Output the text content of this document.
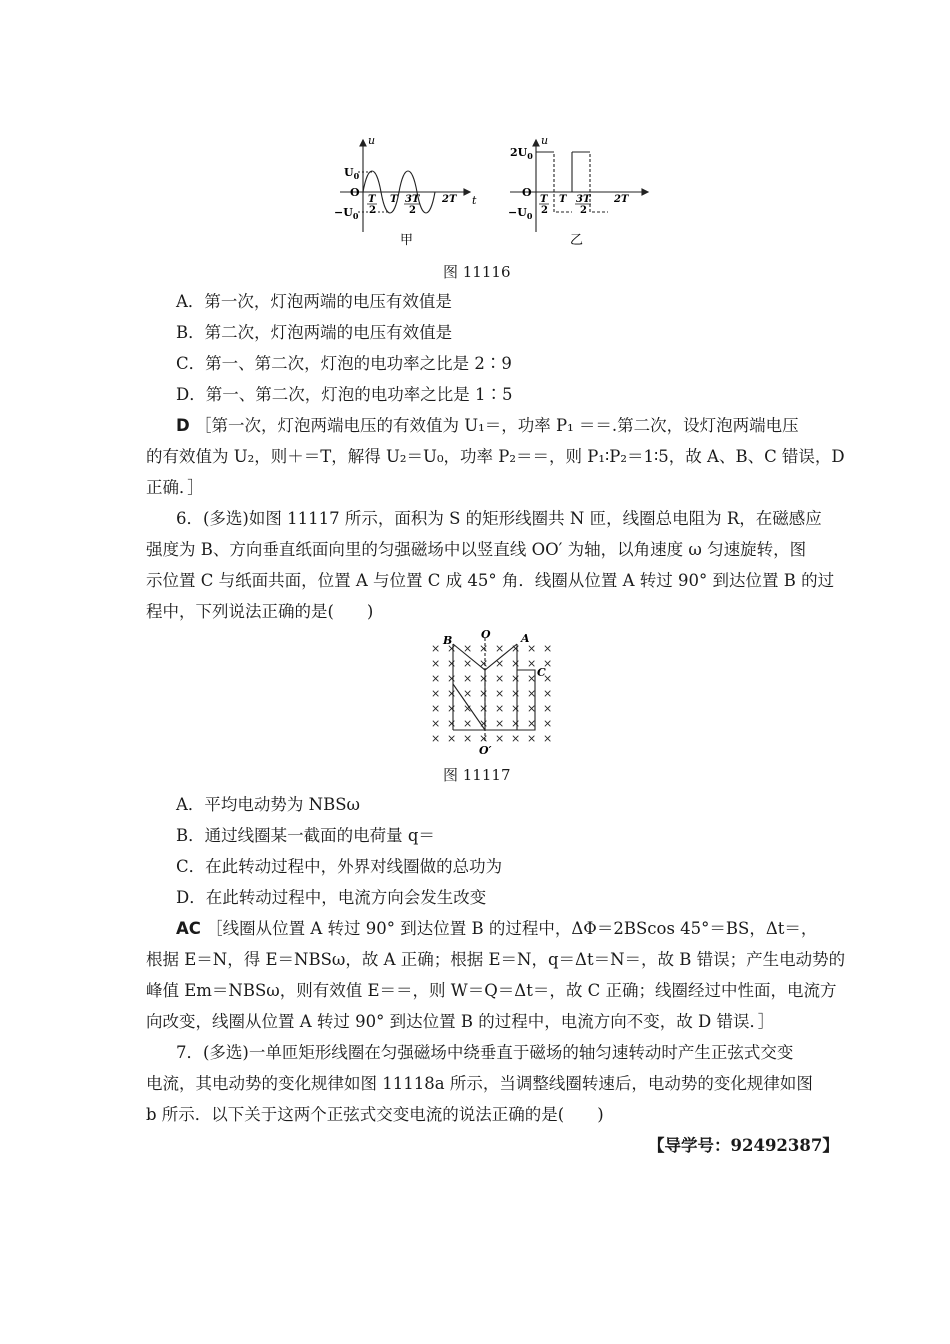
u
t
$U_0$
O
$-U_0$
T
2
T 3T
2
2T
甲
u
$2U_0$
O
$-U_0$
T
2
T 3T
2
2T
乙
图 11116
A．第一次，灯泡两端的电压有效值是
B．第二次，灯泡两端的电压有效值是
C．第一、第二次，灯泡的电功率之比是 2∶9
D．第一、第二次，灯泡的电功率之比是 1∶5
D ［第一次，灯泡两端电压的有效值为 U₁＝，功率 P₁ ＝＝.第二次，设灯泡两端电压
的有效值为 U₂，则＋＝T，解得 U₂＝U₀，功率 P₂＝＝，则 P₁∶P₂＝1∶5，故 A、B、C 错误，D
正确．］
6．(多选)如图 11117 所示，面积为 S 的矩形线圈共 N 匝，线圈总电阻为 R，在磁感应
强度为 B、方向垂直纸面向里的匀强磁场中以竖直线 OO′ 为轴，以角速度 ω 匀速旋转，图
示位置 C 与纸面共面，位置 A 与位置 C 成 45° 角．线圈从位置 A 转过 90° 到达位置 B 的过
程中，下列说法正确的是(　　)
× × × × × × × ×
× × × × × × × ×
× × × × × × × ×
× × × × × × × ×
× × × × × × × ×
× × × × × × × ×
× × × × × × × ×
B	O	A
C
O′
图 11117
A．平均电动势为 NBSω
B．通过线圈某一截面的电荷量 q＝
C．在此转动过程中，外界对线圈做的总功为
D．在此转动过程中，电流方向会发生改变
AC ［线圈从位置 A 转过 90° 到达位置 B 的过程中，ΔΦ＝2BScos 45°＝BS，Δt＝，
根据 E＝N，得 E＝NBSω，故 A 正确；根据 E＝N，q＝Δt＝N＝，故 B 错误；产生电动势的
峰值 Em＝NBSω，则有效值 E＝＝，则 W＝Q＝Δt＝，故 C 正确；线圈经过中性面，电流方
向改变，线圈从位置 A 转过 90° 到达位置 B 的过程中，电流方向不变，故 D 错误．］
7．(多选)一单匝矩形线圈在匀强磁场中绕垂直于磁场的轴匀速转动时产生正弦式交变
电流，其电动势的变化规律如图 11118a 所示，当调整线圈转速后，电动势的变化规律如图
b 所示．以下关于这两个正弦式交变电流的说法正确的是(　　)
【导学号：92492387】
